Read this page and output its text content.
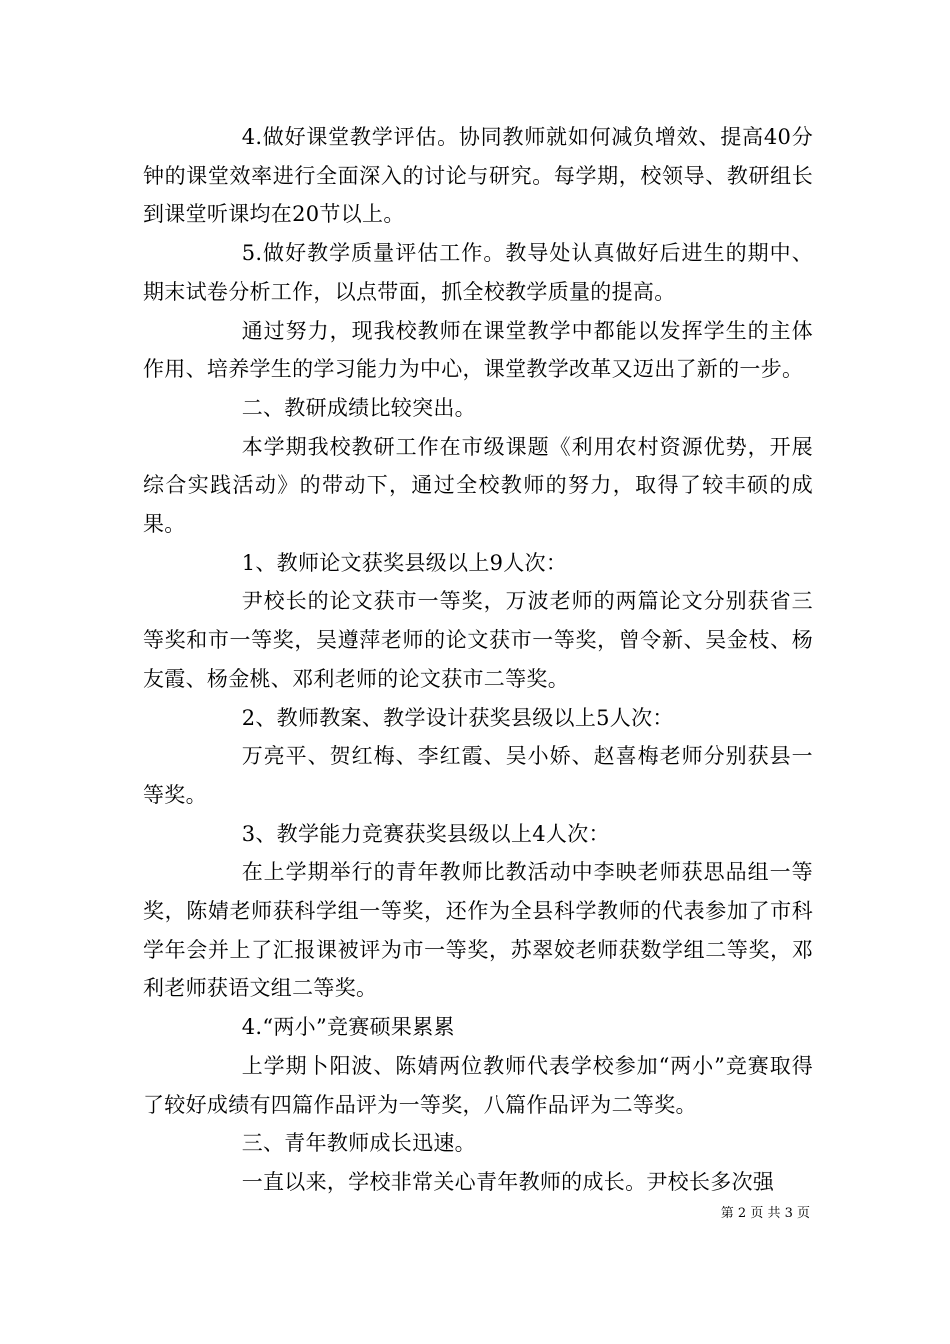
4.做好课堂教学评估。协同教师就如何减负增效、提高40分钟的课堂效率进行全面深入的讨论与研究。每学期，校领导、教研组长到课堂听课均在20节以上。

5.做好教学质量评估工作。教导处认真做好后进生的期中、期末试卷分析工作，以点带面，抓全校教学质量的提高。

通过努力，现我校教师在课堂教学中都能以发挥学生的主体作用、培养学生的学习能力为中心，课堂教学改革又迈出了新的一步。

二、教研成绩比较突出。

本学期我校教研工作在市级课题《利用农村资源优势，开展综合实践活动》的带动下，通过全校教师的努力，取得了较丰硕的成果。

1、教师论文获奖县级以上9人次：

尹校长的论文获市一等奖，万波老师的两篇论文分别获省三等奖和市一等奖，吴遵萍老师的论文获市一等奖，曾令新、吴金枝、杨友霞、杨金桃、邓利老师的论文获市二等奖。

2、教师教案、教学设计获奖县级以上5人次：

万亮平、贺红梅、李红霞、吴小娇、赵喜梅老师分别获县一等奖。

3、教学能力竞赛获奖县级以上4人次：

在上学期举行的青年教师比教活动中李映老师获思品组一等奖，陈婧老师获科学组一等奖，还作为全县科学教师的代表参加了市科学年会并上了汇报课被评为市一等奖，苏翠姣老师获数学组二等奖，邓利老师获语文组二等奖。

4.“两小”竞赛硕果累累

上学期卜阳波、陈婧两位教师代表学校参加“两小”竞赛取得了较好成绩有四篇作品评为一等奖，八篇作品评为二等奖。

三、青年教师成长迅速。

一直以来，学校非常关心青年教师的成长。尹校长多次强

第 2 页 共 3 页
